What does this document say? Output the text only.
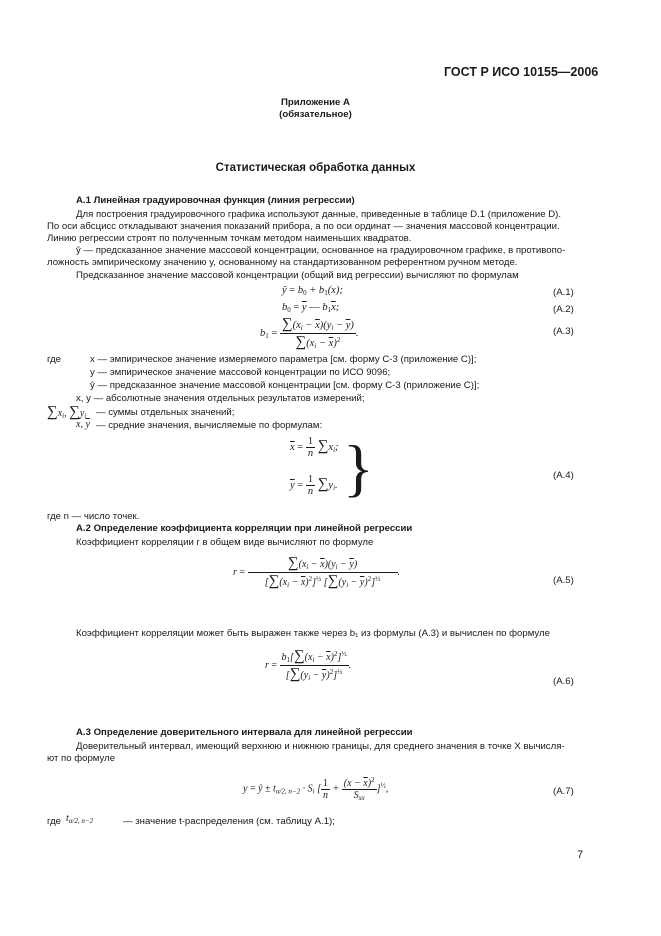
ГОСТ Р ИСО 10155—2006
Приложение А
(обязательное)
Статистическая обработка данных
А.1 Линейная градуировочная функция (линия регрессии)
Для построения градуировочного графика используют данные, приведенные в таблице D.1 (приложение D).
По оси абсцисс откладывают значения показаний прибора, а по оси ординат — значения массовой концентрации.
Линию регрессии строят по полученным точкам методом наименьших квадратов.
ŷ — предсказанное значение массовой концентрации, основанное на градуировочном графике, в противопо-
ложность эмпирическому значению y, основанному на стандартизованном референтном ручном методе.
Предсказанное значение массовой концентрации (общий вид регрессии) вычисляют по формулам
ŷ = $b_0 + b_1(x)$;	(A.1)
$b_0 = \overline{y}$ — $b_1\overline{x}$;	(A.2)
$b_1 = \frac{\sum(x_i - \overline{x})(y_i - \overline{y})}{\sum(x_i - \overline{x})^2}$ .	(A.3)
где	x — эмпирическое значение измеряемого параметра [см. форму С-3 (приложение С)];
y — эмпирическое значение массовой концентрации по ИСО 9096;
ŷ — предсказанное значение массовой концентрации [см. форму С-3 (приложение С)];
x, y — абсолютные значения отдельных результатов измерений;
$\sum x_i$, $\sum y_i$ — суммы отдельных значений;
$\overline{x}$, $\overline{y}$ — средние значения, вычисляемые по формулам:
$\overline{x} = \frac{1}{n} \sum x_i$;
$\overline{y} = \frac{1}{n} \sum y_i$. }	(A.4)
где n — число точек.
А.2 Определение коэффициента корреляции при линейной регрессии
Коэффициент корреляции r в общем виде вычисляют по формуле
$r = \frac{\sum(x_i - \overline{x})(y_i - \overline{y})}{[\sum(x_i - \overline{x})^2]^{\frac{1}{2}} [\sum(y_i - \overline{y})^2]^{\frac{1}{2}}}$ .
(A.5)
Коэффициент корреляции может быть выражен также через b₁ из формулы (А.3) и вычислен по формуле
$r = \frac{b_1[\sum(x_i - \overline{x})^2]^{\frac{1}{2}}}{[\sum(y_i - \overline{y})^2]^{\frac{1}{2}}}$ .
(A.6)
А.3 Определение доверительного интервала для линейной регрессии
Доверительный интервал, имеющий верхнюю и нижнюю границы, для среднего значения в точке X вычисля-
ют по формуле
y = ŷ ± $t_{\alpha/2, n-2} \cdot S_i$ [ $\frac{1}{n} + \frac{(x - \overline{x})^2}{S_{xx}} ]^{\frac{1}{2}}$,	(A.7)
где $t_{\alpha/2, n-2}$	— значение t-распределения (см. таблицу А.1);
7
